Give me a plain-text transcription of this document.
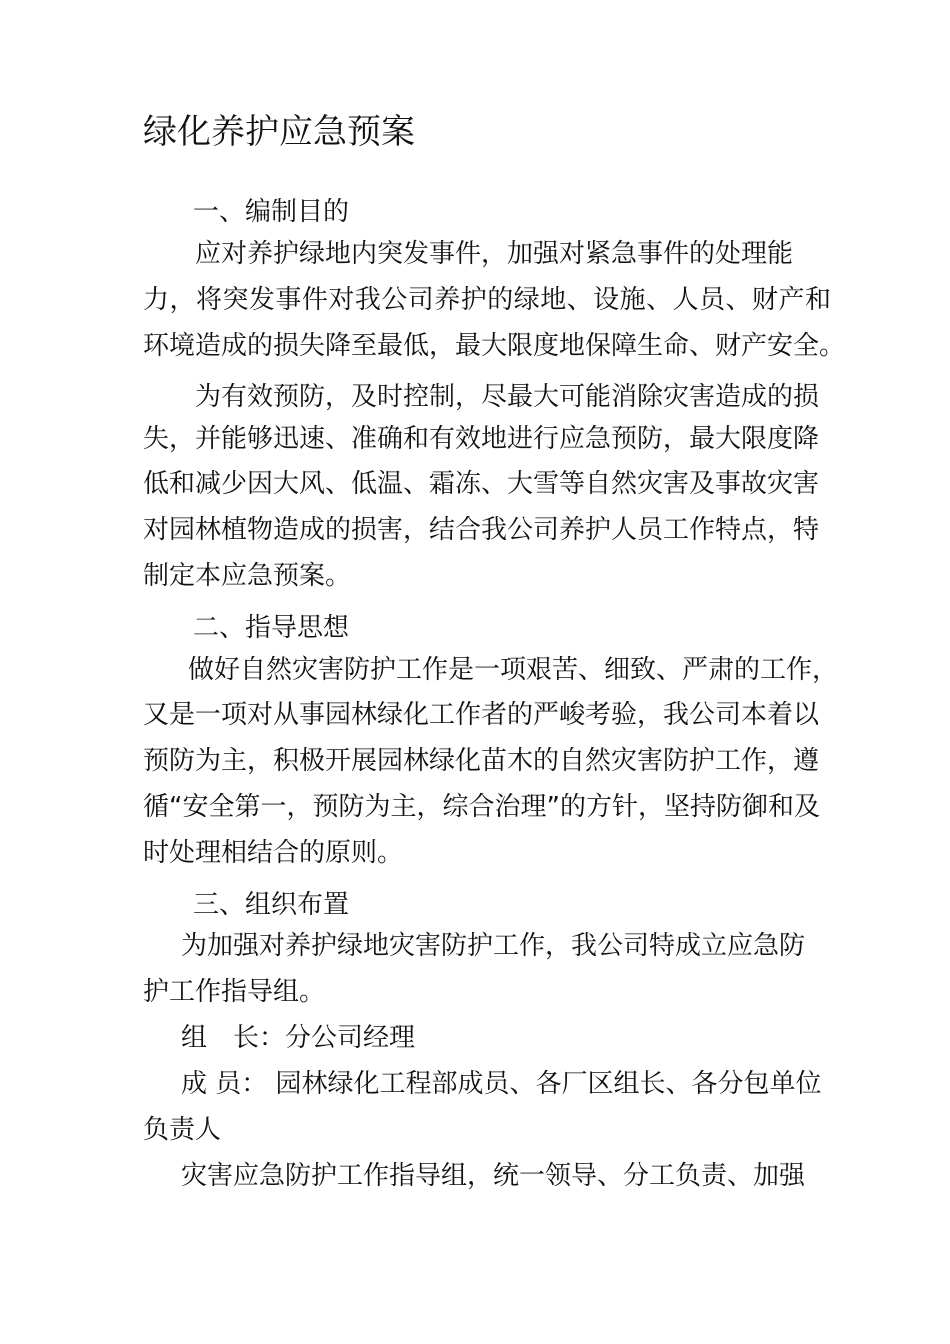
绿化养护应急预案
一、编制目的
应对养护绿地内突发事件，加强对紧急事件的处理能
力，将突发事件对我公司养护的绿地、设施、人员、财产和
环境造成的损失降至最低，最大限度地保障生命、财产安全。
为有效预防，及时控制，尽最大可能消除灾害造成的损
失，并能够迅速、准确和有效地进行应急预防，最大限度降
低和减少因大风、低温、霜冻、大雪等自然灾害及事故灾害
对园林植物造成的损害，结合我公司养护人员工作特点，特
制定本应急预案。
二、指导思想
做好自然灾害防护工作是一项艰苦、细致、严肃的工作，
又是一项对从事园林绿化工作者的严峻考验，我公司本着以
预防为主，积极开展园林绿化苗木的自然灾害防护工作，遵
循“安全第一，预防为主，综合治理”的方针，坚持防御和及
时处理相结合的原则。
三、组织布置
为加强对养护绿地灾害防护工作，我公司特成立应急防
护工作指导组。
组　长：分公司经理
成 员： 园林绿化工程部成员、各厂区组长、各分包单位
负责人
灾害应急防护工作指导组，统一领导、分工负责、加强
